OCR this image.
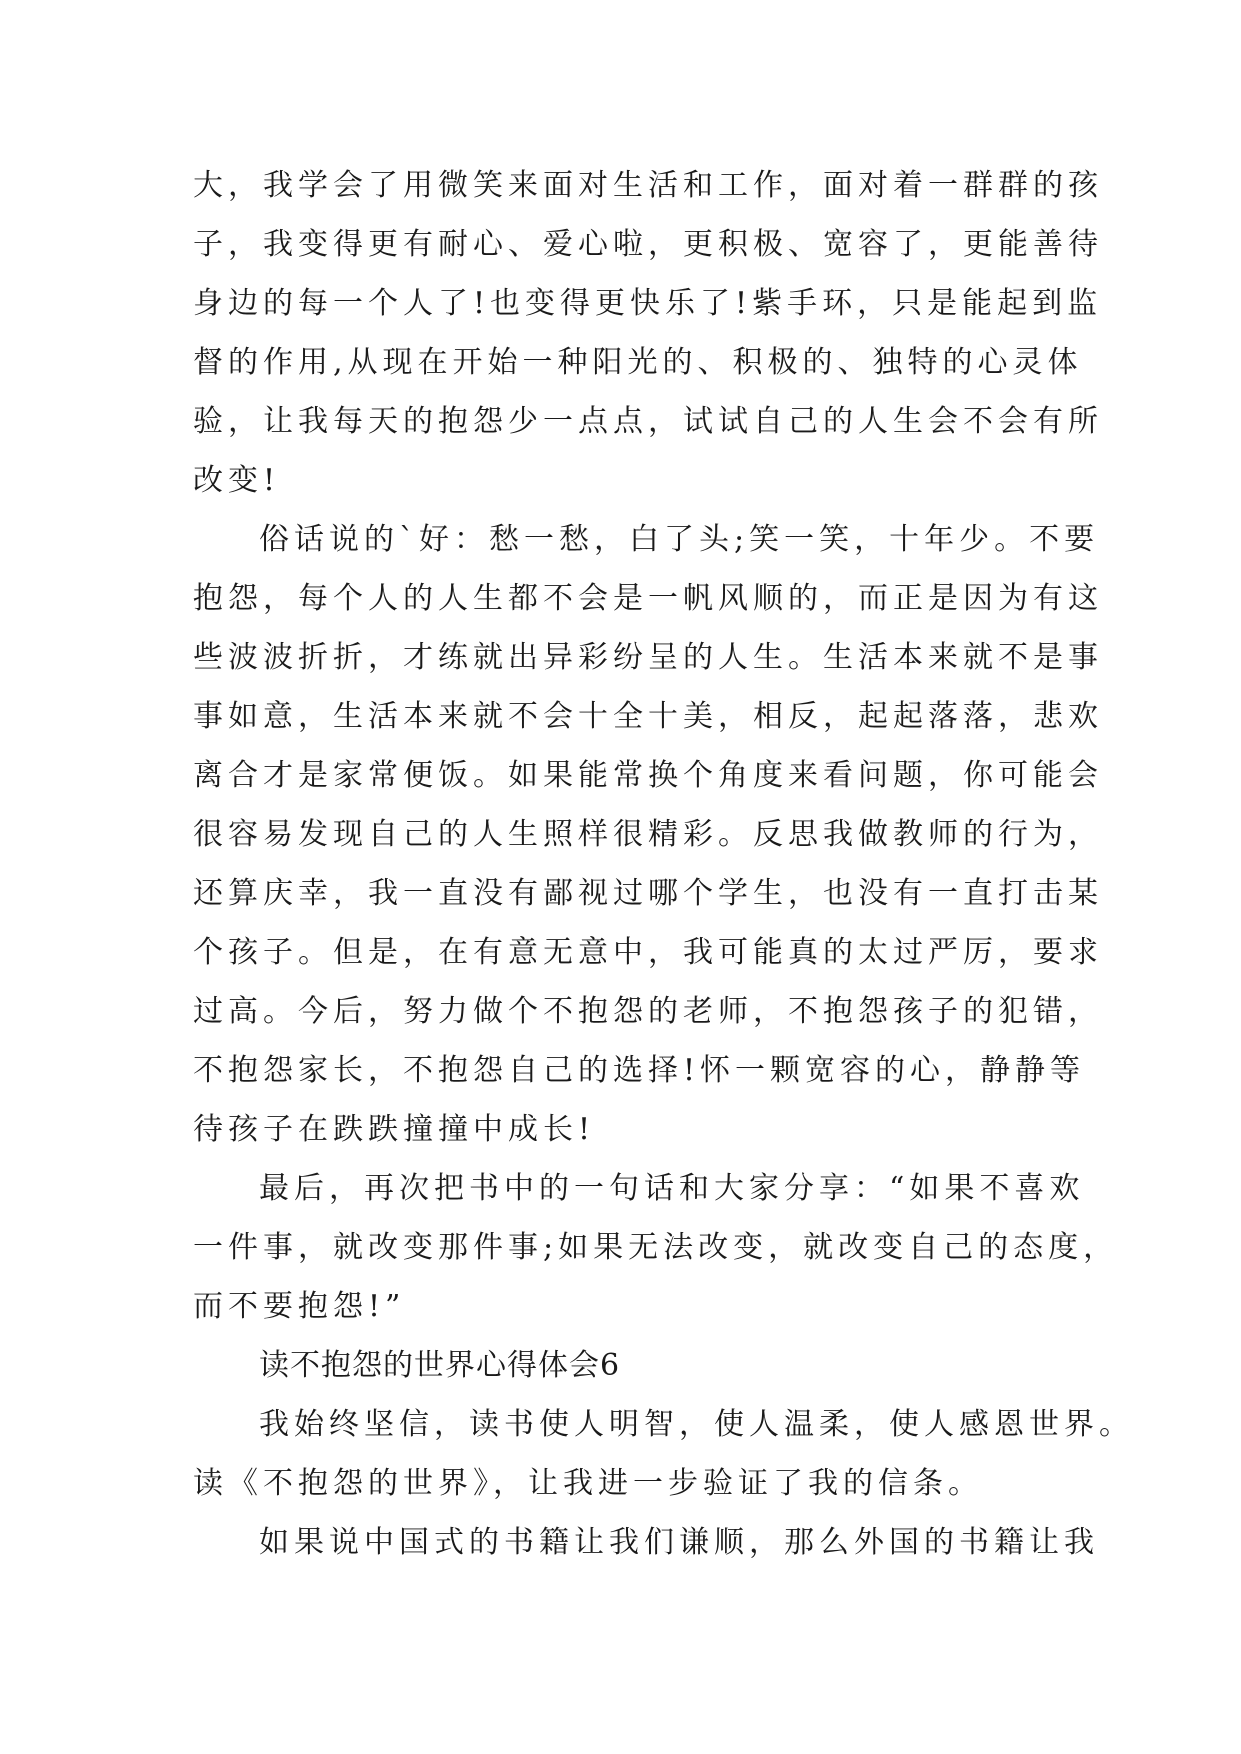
大，我学会了用微笑来面对生活和工作，面对着一群群的孩
子，我变得更有耐心、爱心啦，更积极、宽容了，更能善待
身边的每一个人了!也变得更快乐了!紫手环，只是能起到监
督的作用,从现在开始一种阳光的、积极的、独特的心灵体
验，让我每天的抱怨少一点点，试试自己的人生会不会有所
改变!
俗话说的`好：愁一愁，白了头;笑一笑，十年少。不要
抱怨，每个人的人生都不会是一帆风顺的，而正是因为有这
些波波折折，才练就出异彩纷呈的人生。生活本来就不是事
事如意，生活本来就不会十全十美，相反，起起落落，悲欢
离合才是家常便饭。如果能常换个角度来看问题，你可能会
很容易发现自己的人生照样很精彩。反思我做教师的行为，
还算庆幸，我一直没有鄙视过哪个学生，也没有一直打击某
个孩子。但是，在有意无意中，我可能真的太过严厉，要求
过高。今后，努力做个不抱怨的老师，不抱怨孩子的犯错，
不抱怨家长，不抱怨自己的选择!怀一颗宽容的心，静静等
待孩子在跌跌撞撞中成长!
最后，再次把书中的一句话和大家分享：“如果不喜欢
一件事，就改变那件事;如果无法改变，就改变自己的态度，
而不要抱怨!”
读不抱怨的世界心得体会6
我始终坚信，读书使人明智，使人温柔，使人感恩世界。
读《不抱怨的世界》，让我进一步验证了我的信条。
如果说中国式的书籍让我们谦顺，那么外国的书籍让我
